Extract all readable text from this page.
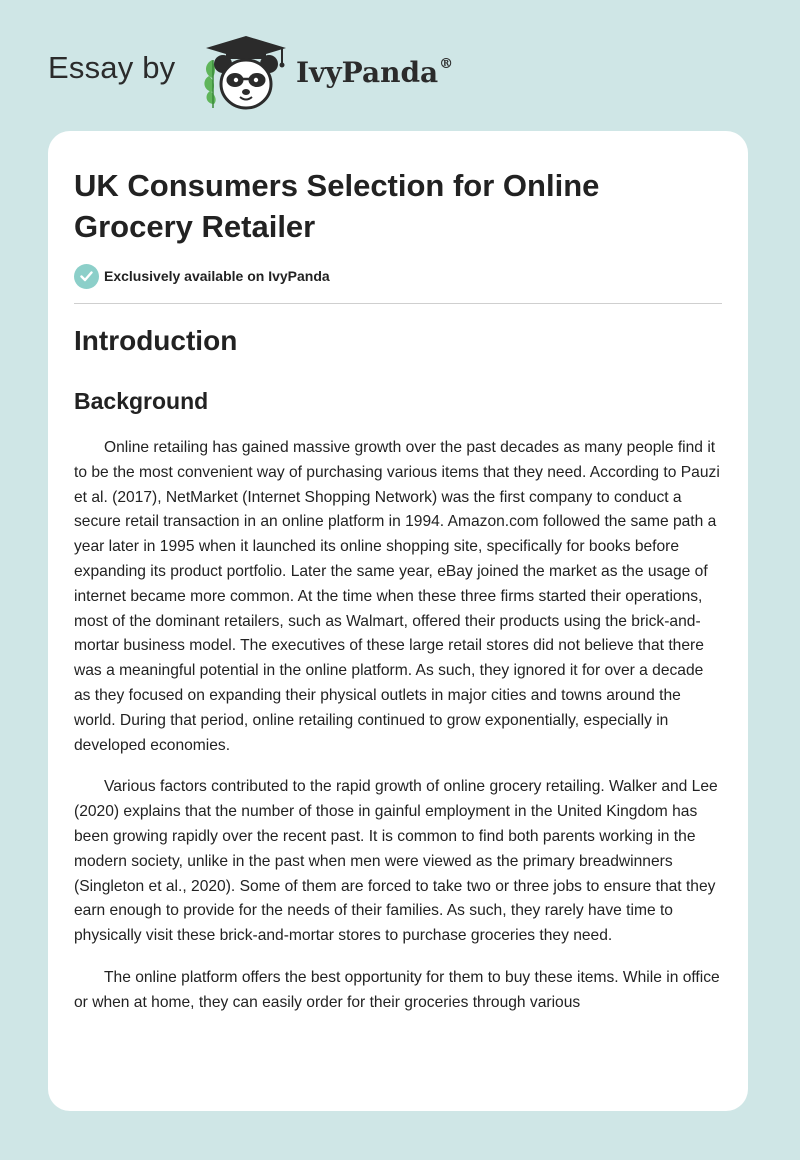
Essay by	IvyPanda®
UK Consumers Selection for Online Grocery Retailer
Exclusively available on IvyPanda
Introduction
Background

Online retailing has gained massive growth over the past decades as many people find it to be the most convenient way of purchasing various items that they need. According to Pauzi et al. (2017), NetMarket (Internet Shopping Network) was the first company to conduct a secure retail transaction in an online platform in 1994. Amazon.com followed the same path a year later in 1995 when it launched its online shopping site, specifically for books before expanding its product portfolio. Later the same year, eBay joined the market as the usage of internet became more common. At the time when these three firms started their operations, most of the dominant retailers, such as Walmart, offered their products using the brick-and-mortar business model. The executives of these large retail stores did not believe that there was a meaningful potential in the online platform. As such, they ignored it for over a decade as they focused on expanding their physical outlets in major cities and towns around the world. During that period, online retailing continued to grow exponentially, especially in developed economies.

Various factors contributed to the rapid growth of online grocery retailing. Walker and Lee (2020) explains that the number of those in gainful employment in the United Kingdom has been growing rapidly over the recent past. It is common to find both parents working in the modern society, unlike in the past when men were viewed as the primary breadwinners (Singleton et al., 2020). Some of them are forced to take two or three jobs to ensure that they earn enough to provide for the needs of their families. As such, they rarely have time to physically visit these brick-and-mortar stores to purchase groceries they need.

The online platform offers the best opportunity for them to buy these items. While in office or when at home, they can easily order for their groceries through various
